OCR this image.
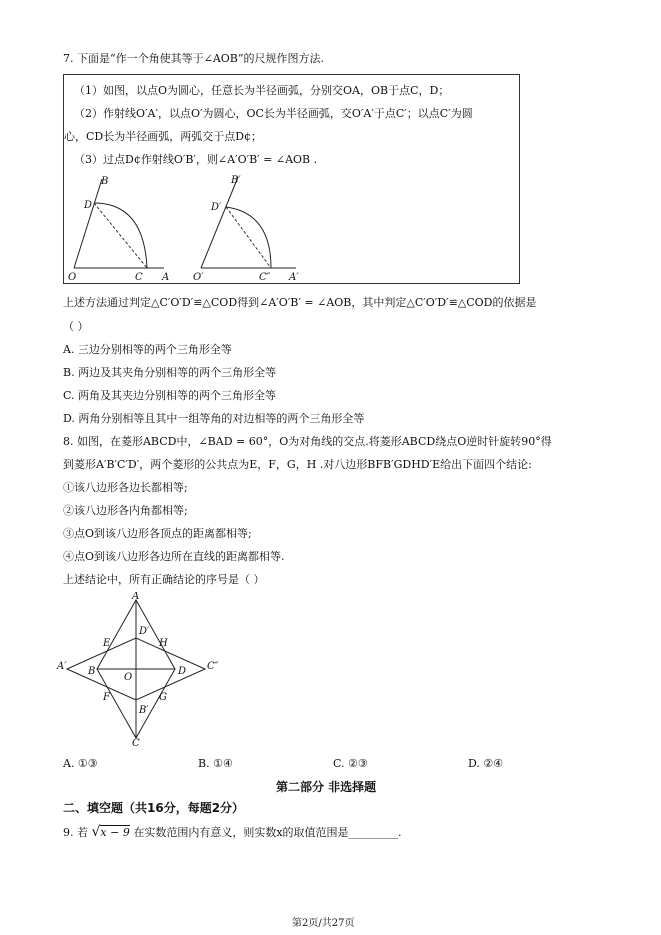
7. 下面是“作一个角使其等于∠AOB”的尺规作图方法.
（1）如图，以点O为圆心，任意长为半径画弧，分别交OA，OB于点C，D；
（2）作射线O′A′，以点O′为圆心，OC长为半径画弧，交O′A′于点C′；以点C′为圆
心，CD长为半径画弧，两弧交于点D¢；
（3）过点D¢作射线O′B′，则∠A′O′B′ = ∠AOB .
B
D
O	C A
B′
D′
O′	C″ A′
上述方法通过判定△C′O′D′≌△COD得到∠A′O′B′ = ∠AOB，其中判定△C′O′D′≌△COD的依据是
（ ）
A. 三边分别相等的两个三角形全等
B. 两边及其夹角分别相等的两个三角形全等
C. 两角及其夹边分别相等的两个三角形全等
D. 两角分别相等且其中一组等角的对边相等的两个三角形全等
8. 如图，在菱形ABCD中，∠BAD = 60°，O为对角线的交点.将菱形ABCD绕点O逆时针旋转90°得
到菱形A′B′C′D′，两个菱形的公共点为E，F，G，H .对八边形BFB′GDHD′E给出下面四个结论:
①该八边形各边长都相等;
②该八边形各内角都相等;
③点O到该八边形各顶点的距离都相等;
④点O到该八边形各边所在直线的距离都相等.
上述结论中，所有正确结论的序号是（ ）
A
B
C
D
O
E
F	G
H
A′
B′
C″
D′
A. ①③	B. ①④	C. ②③	D. ②④
第二部分 非选择题
二、填空题（共16分，每题2分）
9. 若 √x − 9 在实数范围内有意义，则实数x的取值范围是_________.
第2页/共27页
